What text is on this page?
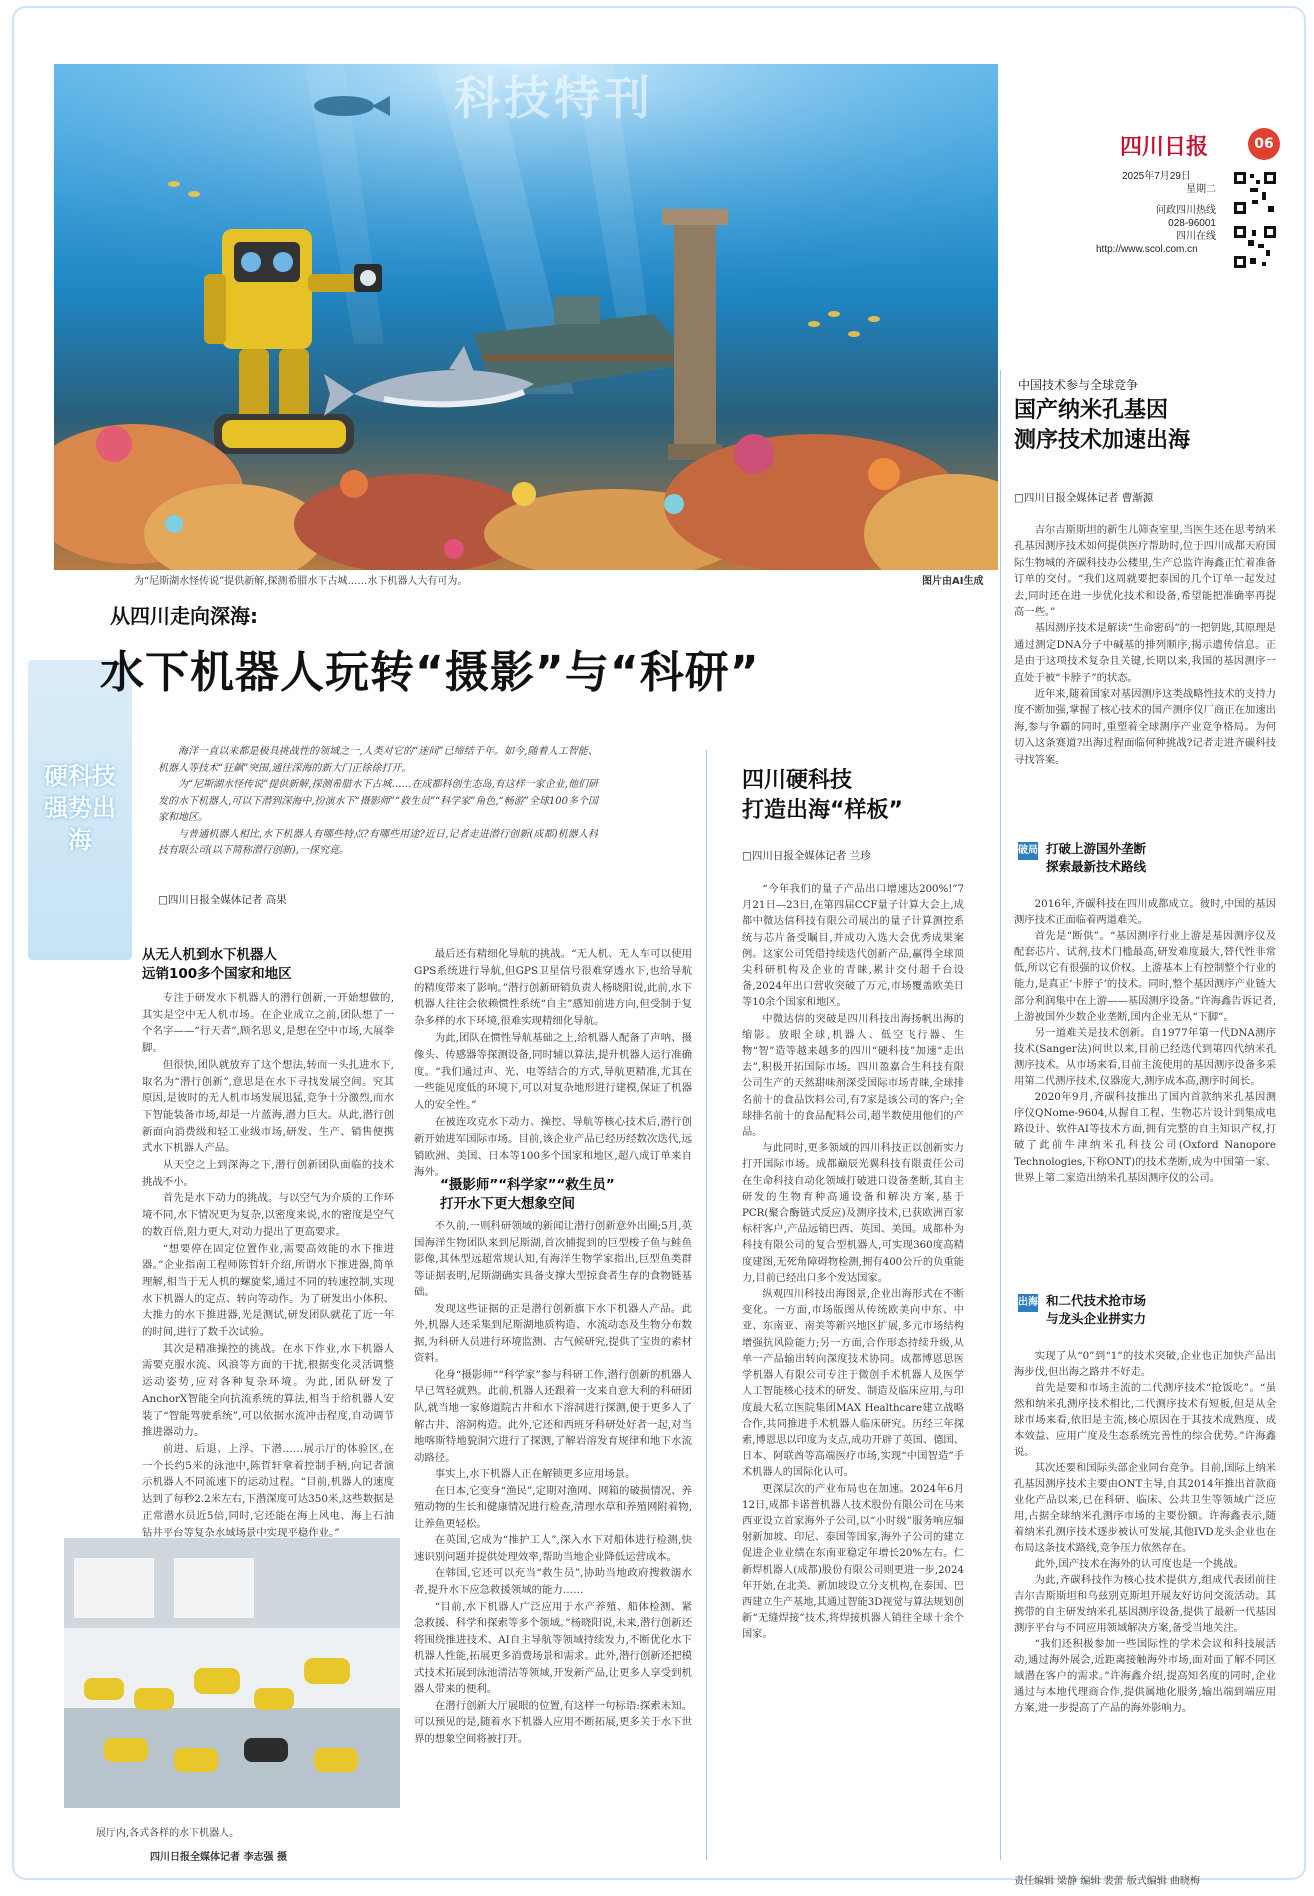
科技特刊
为“尼斯湖水怪传说”提供新解,探测希腊水下古城……水下机器人大有可为。	图片由AI生成
四川日报	06
2025年7月29日
星期二
问政四川热线
028-96001
四川在线
http://www.scol.com.cn
硬科技 强势出海
从四川走向深海:
水下机器人玩转“摄影”与“科研”

海洋一直以来都是极具挑战性的领域之一,人类对它的“迷间”已缔结千年。如今,随着人工智能、机器人等技术“狂飙”突围,通往深海的新大门正徐徐打开。

为“尼斯湖水怪传说”提供新解,探测希腊水下古城……在成都科创生态岛,有这样一家企业,他们研发的水下机器人,可以下潜到深海中,扮演水下“摄影师”“救生员”“科学家”角色,“畅游”全球100多个国家和地区。

与普通机器人相比,水下机器人有哪些特点?有哪些用途?近日,记者走进潜行创新(成都)机器人科技有限公司(以下简称潜行创新),一探究竟。

□四川日报全媒体记者 高果
从无人机到水下机器人
远销100多个国家和地区

专注于研发水下机器人的潜行创新,一开始想做的,其实是空中无人机市场。在企业成立之前,团队想了一个名字——“行天者”,顾名思义,是想在空中市场,大展拳脚。

但很快,团队就放弃了这个想法,转而一头扎进水下,取名为“潜行创新”,意思是在水下寻找发展空间。究其原因,是彼时的无人机市场发展迅猛,竞争十分激烈,而水下智能装备市场,却是一片蓝海,潜力巨大。从此,潜行创新面向消费级和轻工业级市场,研发、生产、销售便携式水下机器人产品。

从天空之上到深海之下,潜行创新团队面临的技术挑战不小。

首先是水下动力的挑战。与以空气为介质的工作环境不同,水下情况更为复杂,以密度来说,水的密度是空气的数百倍,阻力更大,对动力提出了更高要求。

“想要停在固定位置作业,需要高效能的水下推进器。”企业指南工程师陈哲轩介绍,所谓水下推进器,简单理解,相当于无人机的螺旋桨,通过不同的转速控制,实现水下机器人的定点、转向等动作。为了研发出小体积、大推力的水下推进器,光是测试,研发团队就花了近一年的时间,进行了数千次试验。

其次是精准操控的挑战。在水下作业,水下机器人需要克服水流、风浪等方面的干扰,根据变化灵活调整运动姿势,应对各种复杂环境。为此,团队研发了AnchorX智能全向抗流系统的算法,相当于给机器人安装了“智能驾驶系统”,可以依据水流冲击程度,自动调节推进器动力。

前进、后退、上浮、下潜……展示厅的体验区,在一个长约5米的泳池中,陈哲轩拿着控制手柄,向记者演示机器人不同流速下的运动过程。“目前,机器人的速度达到了每秒2.2米左右,下潜深度可达350米,这些数据是正常潜水员近5倍,同时,它还能在海上风电、海上石油钻井平台等复杂水域场景中实现平稳作业。”

最后还有精细化导航的挑战。“无人机、无人车可以使用GPS系统进行导航,但GPS卫星信号很难穿透水下,也给导航的精度带来了影响。”潜行创新研销负责人杨晓阳说,此前,水下机器人往往会依赖惯性系统“自主”感知前进方向,但受制于复杂多样的水下环境,很难实现精细化导航。

为此,团队在惯性导航基础之上,给机器人配备了声呐、摄像头、传感器等探测设备,同时辅以算法,提升机器人运行准确度。“我们通过声、光、电等结合的方式,导航更精准,尤其在一些能见度低的环境下,可以对复杂地形进行建模,保证了机器人的安全性。”

在被连攻克水下动力、操控、导航等核心技术后,潜行创新开始进军国际市场。目前,该企业产品已经历经数次迭代,远销欧洲、美国、日本等100多个国家和地区,超八成订单来自海外。

“摄影师”“科学家”“救生员”
打开水下更大想象空间

不久前,一则科研领域的新闻让潜行创新意外出圈;5月,英国海洋生物团队来到尼斯湖,首次捕捉到的巨型梭子鱼与鲑鱼影像,其休型远超常规认知,有海洋生物学家指出,巨型鱼类群等证据表明,尼斯湖确实具备支撑大型掠食者生存的食物链基础。

发现这些证据的正是潜行创新旗下水下机器人产品。此外,机器人还采集到尼斯湖地质构造、水流动态及生物分布数据,为科研人员进行环境监测、古气候研究,提供了宝贵的素材资料。

化身“摄影师”“科学家”参与科研工作,潜行创新的机器人早已驾轻就熟。此前,机器人还跟着一支来自意大利的科研团队,就当地一家修道院古井和水下溶洞进行探测,便于更多人了解古井、溶洞构造。此外,它还和西班牙科研处好者一起,对当地喀斯特地貌洞穴进行了探测,了解岩溶发育规律和地下水流动路径。

事实上,水下机器人正在解锁更多应用场景。

在日本,它变身“渔民”,定期对渔网、网箱的破损情况、养殖动物的生长和健康情况进行检查,清理水草和养殖网附着物,让养鱼更轻松。

在英国,它成为“推护工人”,深入水下对船体进行检测,快速识别问题并提供处理效率,帮助当地企业降低运营成本。

在韩国,它还可以充当“救生员”,协助当地政府搜救溺水者,提升水下应急救援领域的能力……

“目前,水下机器人广泛应用于水产养殖、船体检测、紧急救援、科学和探索等多个领域。”杨晓阳说,未来,潜行创新还将围绕推进技术、AI自主导航等领域持续发力,不断优化水下机器人性能,拓展更多消费场景和需求。此外,潜行创新还把模式技术拓展到泳池清洁等领域,开发新产品,让更多人享受到机器人带来的便利。

在潜行创新大厅展眼的位置,有这样一句标语:探索未知。可以预见的是,随着水下机器人应用不断拓展,更多关于水下世界的想象空间将被打开。

展厅内,各式各样的水下机器人。
四川日报全媒体记者 李志强 摄
四川硬科技
打造出海“样板”
□四川日报全媒体记者 兰珍

“今年我们的量子产品出口增速达200%!”7月21日—23日,在第四届CCF量子计算大会上,成都中微达信科技有限公司展出的量子计算测控系统与芯片备受瞩目,并成功入选大会优秀成果案例。这家公司凭借持续迭代创新产品,赢得全球顶尖科研机构及企业的青睐,累计交付超千台设备,2024年出口营收突破了万元,市场覆盖欧美日等10余个国家和地区。

中微达信的突破是四川科技出海扬帆出海的缩影。放眼全球,机器人、低空飞行器、生物“智”造等越来越多的四川“硬科技”加速“走出去”,积极开拓国际市场。四川盈嘉合生科技有限公司生产的天然甜味剂深受国际市场青睐,全球排名前十的食品饮料公司,有7家是该公司的客户;全球排名前十的食品配料公司,超半数使用他们的产品。

与此同时,更多领域的四川科技正以创新实力打开国际市场。成都巅辰光翼科技有限责任公司在生命科技自动化领域打破进口设备垄断,其自主研发的生物育种高通设备和解决方案,基于PCR(聚合酶链式反应)及测序技术,已获欧洲百家标杆客户,产品远销巴西、英国、美国。成都朴为科技有限公司的复合型机器人,可实现360度高精度建图,无死角障碍物检测,拥有400公斤的负重能力,目前已经出口多个发达国家。

纵观四川科技出海图景,企业出海形式在不断变化。一方面,市场版图从传统欧美向中东、中亚、东南亚、南美等新兴地区扩展,多元市场结构增强抗风险能力;另一方面,合作形态持续升级,从单一产品输出转向深度技术协同。成都博恩思医学机器人有限公司专注于微创手术机器人及医学人工智能核心技术的研发、制造及临床应用,与印度最大私立医院集团MAX Healthcare建立战略合作,共同推进手术机器人临床研究。历经三年探索,博恩思以印度为支点,成功开辟了英国、德国、日本、阿联酋等高端医疗市场,实现“中国智造”手术机器人的国际化认可。

更深层次的产业布局也在加速。2024年6月12日,成都卡诺普机器人技术股份有限公司在马来西亚设立首家海外子公司,以“小时级”服务响应辐射新加坡、印尼、泰国等国家,海外子公司的建立促进企业业绩在东南亚稳定年增长20%左右。仁新焊机器人(成都)股份有限公司则更进一步,2024年开始,在北美、新加坡设立分支机构,在泰国、巴西建立生产基地,其通过智能3D视觉与算法规划创新“无缝焊接”技术,将焊接机器人销往全球十余个国家。

中国技术参与全球竞争
国产纳米孔基因
测序技术加速出海
□四川日报全媒体记者 曹渐源

吉尔吉斯斯坦的新生儿筛查室里,当医生还在思考纳米孔基因测序技术如何提供医疗帮助时,位于四川成都天府国际生物城的齐碳科技办公楼里,生产总监许海鑫正忙着准备订单的交付。“我们这周就要把泰国的几个订单一起发过去,同时还在进一步优化技术和设备,希望能把准确率再提高一些。”

基因测序技术是解读“生命密码”的一把钥匙,其原理是通过测定DNA分子中碱基的排列顺序,揭示遗传信息。正是由于这项技术复杂且关键,长期以来,我国的基因测序一直处于被“卡脖子”的状态。

近年来,随着国家对基因测序这类战略性技术的支持力度不断加强,掌握了核心技术的国产测序仪厂商正在加速出海,参与争霸的同时,重塑着全球测序产业竞争格局。为何切入这条赛道?出海过程面临何种挑战?记者走进齐碳科技寻找答案。

破局 打破上游国外垄断
探索最新技术路线

2016年,齐碳科技在四川成都成立。彼时,中国的基因测序技术正面临着两道难关。

首先是“断供”。“基因测序行业上游是基因测序仪及配套芯片、试剂,技术门槛最高,研发难度最大,替代性非常低,所以它有很强的议价权。上游基本上有控制整个行业的能力,是真正‘卡脖子’的技术。同时,整个基因测序产业链大部分利润集中在上游——基因测序设备。”许海鑫告诉记者,上游被国外少数企业垄断,国内企业无从“下脚”。

另一道难关是技术创新。自1977年第一代DNA测序技术(Sanger法)问世以来,目前已经迭代到第四代纳米孔测序技术。从市场来看,目前主流使用的基因测序设备多采用第二代测序技术,仪器庞大,测序成本高,测序时间长。

2020年9月,齐碳科技推出了国内首款纳米孔基因测序仪QNome-9604,从握自工程、生物芯片设计到集成电路设计、软件AI等技术方面,拥有完整的自主知识产权,打破了此前牛津纳米孔科技公司(Oxford Nanopore Technologies,下称ONT)的技术垄断,成为中国第一家、世界上第二家造出纳米孔基因测序仪的公司。

出海 和二代技术抢市场
与龙头企业拼实力

实现了从“0”到“1”的技术突破,企业也正加快产品出海步伐,但出海之路并不好走。

首先是要和市场主流的二代测序技术“抢饭吃”。“虽然和纳米孔测序技术相比,二代测序技术有短板,但是从全球市场来看,依旧是主流,核心原因在于其技术成熟度、成本效益、应用广度及生态系统完善性的综合优势。”许海鑫说。

其次还要和国际头部企业同台竞争。目前,国际上纳米孔基因测序技术主要由ONT主导,自其2014年推出首款商业化产品以来,已在科研、临床、公共卫生等领域广泛应用,占据全球纳米孔测序市场的主要份额。许海鑫表示,随着纳米孔测序技术逐步被认可发展,其他IVD龙头企业也在布局这条技术路线,竞争压力依然存在。

此外,国产技术在海外的认可度也是一个挑战。

为此,齐碳科技作为核心技术提供方,组成代表团前往吉尔吉斯斯坦和乌兹别克斯坦开展友好访问交流活动。其携带的自主研发纳米孔基因测序设备,提供了最新一代基因测序平台与不同应用领域解决方案,备受当地关注。

“我们还积极参加一些国际性的学术会议和科技展活动,通过海外展会,近距离接触海外市场,面对面了解不同区域潜在客户的需求。”许海鑫介绍,提高知名度的同时,企业通过与本地代理商合作,提供属地化服务,输出端到端应用方案,进一步提高了产品的海外影响力。

责任编辑 梁静 编辑 裴蕾 版式编辑 曲晓梅
